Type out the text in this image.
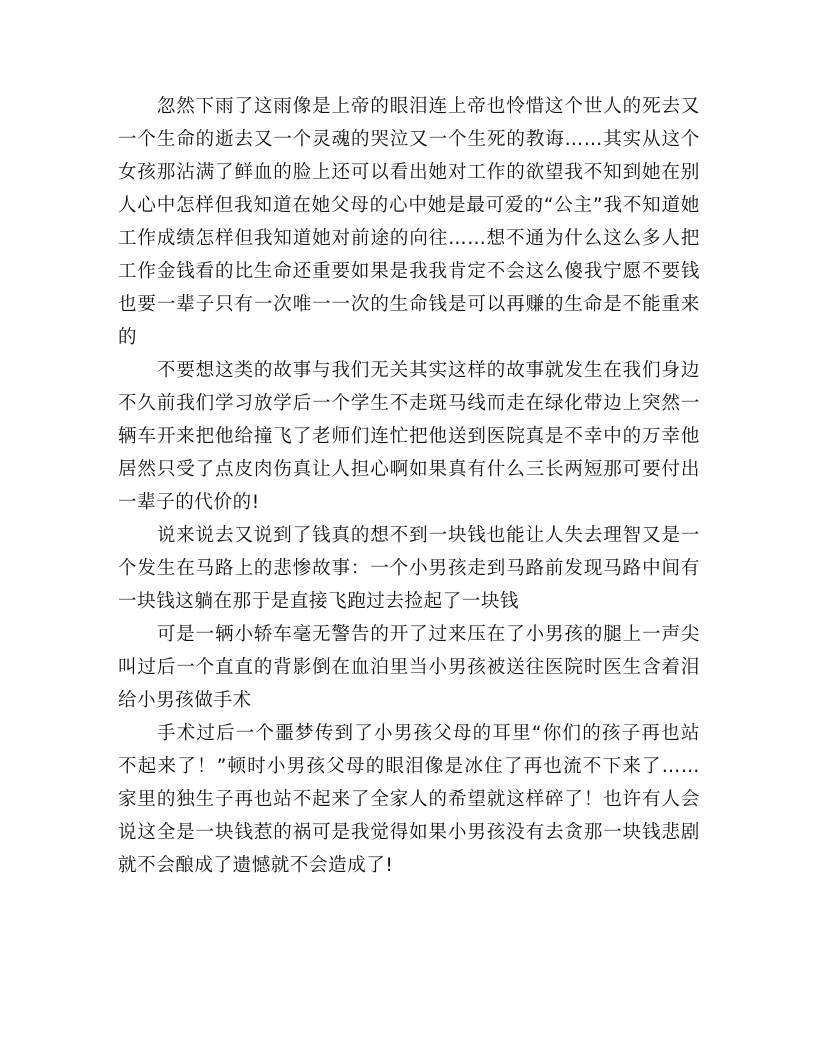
忽然下雨了这雨像是上帝的眼泪连上帝也怜惜这个世人的死去又一个生命的逝去又一个灵魂的哭泣又一个生死的教诲……其实从这个女孩那沾满了鲜血的脸上还可以看出她对工作的欲望我不知到她在别人心中怎样但我知道在她父母的心中她是最可爱的“公主”我不知道她工作成绩怎样但我知道她对前途的向往……想不通为什么这么多人把工作金钱看的比生命还重要如果是我我肯定不会这么傻我宁愿不要钱也要一辈子只有一次唯一一次的生命钱是可以再赚的生命是不能重来的

不要想这类的故事与我们无关其实这样的故事就发生在我们身边不久前我们学习放学后一个学生不走斑马线而走在绿化带边上突然一辆车开来把他给撞飞了老师们连忙把他送到医院真是不幸中的万幸他居然只受了点皮肉伤真让人担心啊如果真有什么三长两短那可要付出一辈子的代价的!

说来说去又说到了钱真的想不到一块钱也能让人失去理智又是一个发生在马路上的悲惨故事：一个小男孩走到马路前发现马路中间有一块钱这躺在那于是直接飞跑过去捡起了一块钱

可是一辆小轿车毫无警告的开了过来压在了小男孩的腿上一声尖叫过后一个直直的背影倒在血泊里当小男孩被送往医院时医生含着泪给小男孩做手术

手术过后一个噩梦传到了小男孩父母的耳里“你们的孩子再也站不起来了！”顿时小男孩父母的眼泪像是冰住了再也流不下来了……家里的独生子再也站不起来了全家人的希望就这样碎了！也许有人会说这全是一块钱惹的祸可是我觉得如果小男孩没有去贪那一块钱悲剧就不会酿成了遗憾就不会造成了!
